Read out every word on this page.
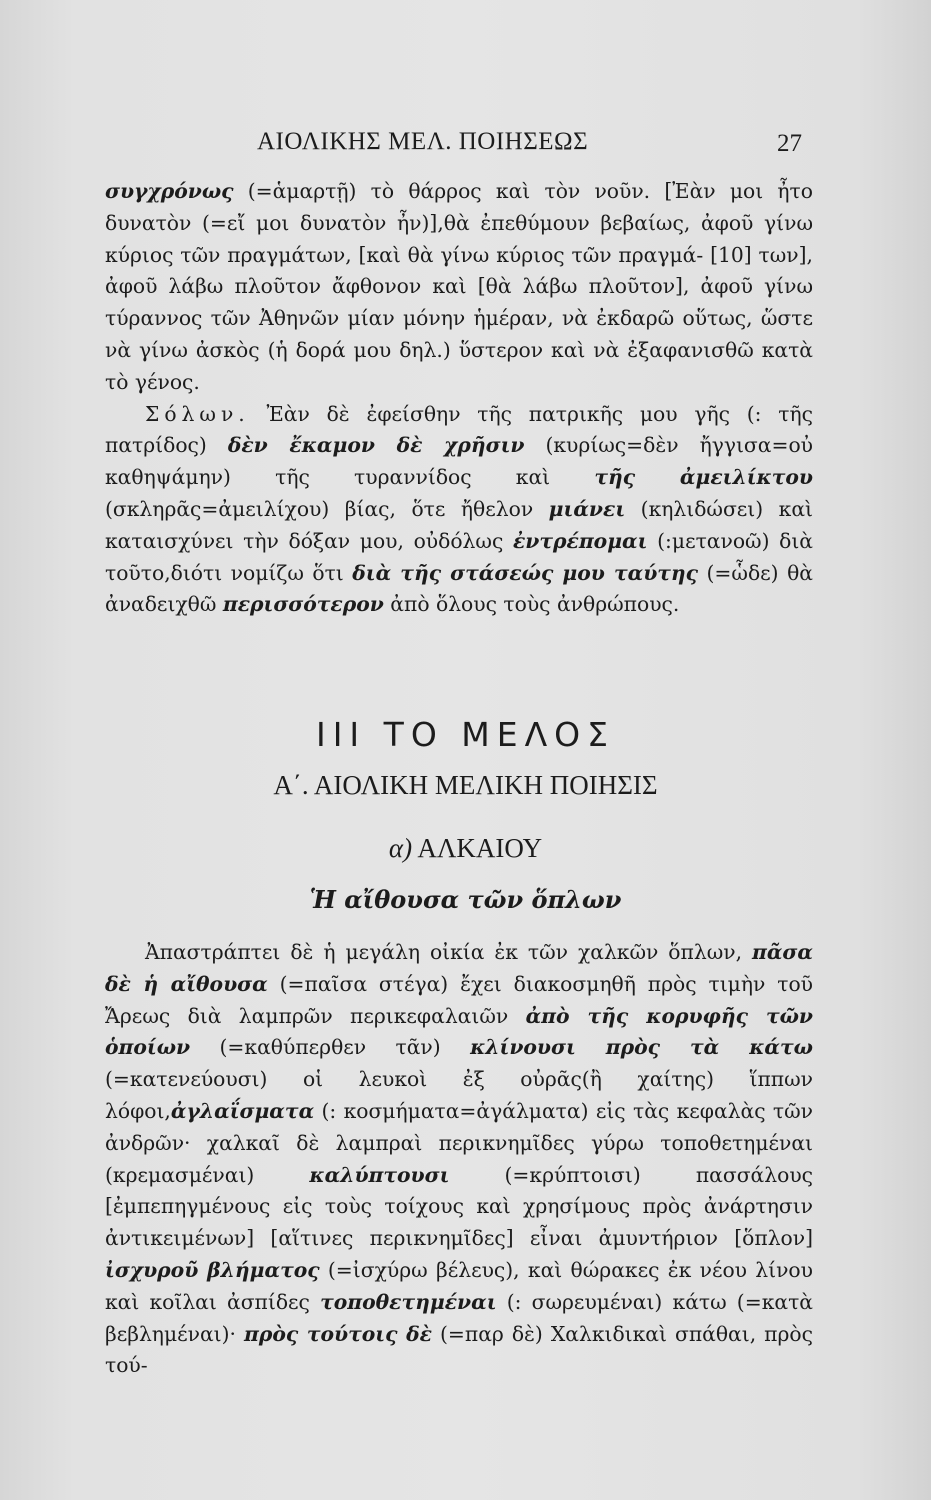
ΑΙΟΛΙΚΗΣ ΜΕΛ. ΠΟΙΗΣΕΩΣ	27

συγχρόνως (=ἁμαρτῇ) τὸ θάρρος καὶ τὸν νοῦν. [Ἐὰν μοι ἦτο δυνατὸν (=εἴ μοι δυνατὸν ἦν)],θὰ ἐπεθύμουν βεβαίως, ἀφοῦ γίνω κύριος τῶν πραγμάτων, [καὶ θὰ γίνω κύριος τῶν πραγμά- [10] των], ἀφοῦ λάβω πλοῦτον ἄφθονον καὶ [θὰ λάβω πλοῦτον], ἀφοῦ γίνω τύραννος τῶν Ἀθηνῶν μίαν μόνην ἡμέραν, νὰ ἐκδαρῶ οὕτως, ὥστε νὰ γίνω ἀσκὸς (ἡ δορά μου δηλ.) ὕστερον καὶ νὰ ἐξαφανισθῶ κατὰ τὸ γένος.

Σόλων. Ἐὰν δὲ ἐφείσθην τῆς πατρικῆς μου γῆς (: τῆς πατρίδος) δὲν ἔκαμον δὲ χρῆσιν (κυρίως=δὲν ἤγγισα=οὐ καθηψάμην) τῆς τυραννίδος καὶ τῆς ἀμειλίκτου (σκληρᾶς=ἀμειλίχου) βίας, ὅτε ἤθελον μιάνει (κηλιδώσει) καὶ καταισχύνει τὴν δόξαν μου, οὐδόλως ἐντρέπομαι (:μετανοῶ) διὰ τοῦτο,διότι νομίζω ὅτι διὰ τῆς στάσεώς μου ταύτης (=ὧδε) θὰ ἀναδειχθῶ περισσότερον ἀπὸ ὅλους τοὺς ἀνθρώπους.

ΙΙΙ ΤΟ ΜΕΛΟΣ
Α΄. ΑΙΟΛΙΚΗ ΜΕΛΙΚΗ ΠΟΙΗΣΙΣ
α) ΑΛΚΑΙΟΥ
Ἡ αἴθουσα τῶν ὅπλων

Ἀπαστράπτει δὲ ἡ μεγάλη οἰκία ἐκ τῶν χαλκῶν ὅπλων, πᾶσα δὲ ἡ αἴθουσα (=παῖσα στέγα) ἔχει διακοσμηθῆ πρὸς τιμὴν τοῦ Ἄρεως διὰ λαμπρῶν περικεφαλαιῶν ἀπὸ τῆς κορυφῆς τῶν ὁποίων (=καθύπερθεν τᾶν) κλίνουσι πρὸς τὰ κάτω (=κατενεύουσι) οἱ λευκοὶ ἐξ οὐρᾶς(ἢ χαίτης) ἵππων λόφοι,ἀγλαΐσματα (: κοσμήματα=ἀγάλματα) εἰς τὰς κεφαλὰς τῶν ἀνδρῶν· χαλκαῖ δὲ λαμπραὶ περικνημῖδες γύρω τοποθετημέναι (κρεμασμέναι) καλύπτουσι (=κρύπτοισι) πασσάλους [ἐμπεπηγμένους εἰς τοὺς τοίχους καὶ χρησίμους πρὸς ἀνάρτησιν ἀντικειμένων] [αἵτινες περικνημῖδες] εἶναι ἀμυντήριον [ὅπλον] ἰσχυροῦ βλήματος (=ἰσχύρω βέλευς), καὶ θώρακες ἐκ νέου λίνου καὶ κοῖλαι ἀσπίδες τοποθετημέναι (: σωρευμέναι) κάτω (=κατὰ βεβλημέναι)· πρὸς τούτοις δὲ (=παρ δὲ) Χαλκιδικαὶ σπάθαι, πρὸς τού-
